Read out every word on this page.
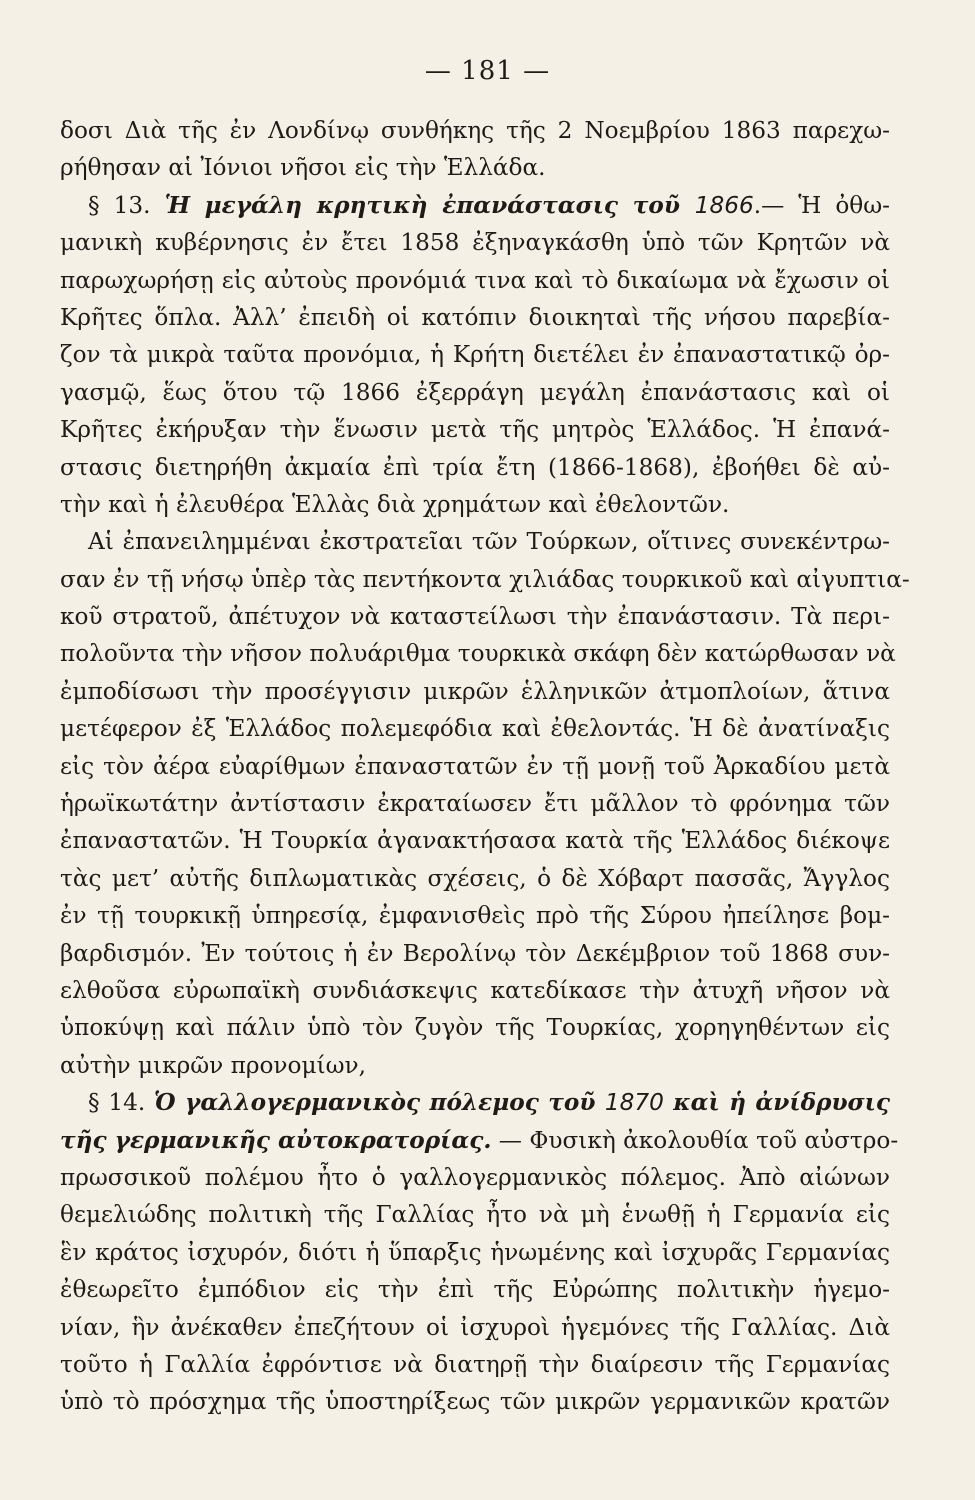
— 181 —
δοσι Διὰ τῆς ἐν Λονδίνῳ συνθήκης τῆς 2 Νοεμβρίου 1863 παρεχω-
ρήθησαν αἱ Ἰόνιοι νῆσοι εἰς τὴν Ἑλλάδα.
§ 13. Ἡ μεγάλη κρητικὴ ἐπανάστασις τοῦ 1866.— Ἡ ὀθω-
μανικὴ κυβέρνησις ἐν ἔτει 1858 ἐξηναγκάσθη ὑπὸ τῶν Κρητῶν νὰ
παρωχωρήσῃ εἰς αὐτοὺς προνόμιά τινα καὶ τὸ δικαίωμα νὰ ἔχωσιν οἱ
Κρῆτες ὅπλα. Ἀλλ’ ἐπειδὴ οἱ κατόπιν διοικηταὶ τῆς νήσου παρεβία-
ζον τὰ μικρὰ ταῦτα προνόμια, ἡ Κρήτη διετέλει ἐν ἐπαναστατικῷ ὀρ-
γασμῷ, ἕως ὅτου τῷ 1866 ἐξερράγη μεγάλη ἐπανάστασις καὶ οἱ
Κρῆτες ἐκήρυξαν τὴν ἕνωσιν μετὰ τῆς μητρὸς Ἑλλάδος. Ἡ ἐπανά-
στασις διετηρήθη ἀκμαία ἐπὶ τρία ἔτη (1866-1868), ἐβοήθει δὲ αὐ-
τὴν καὶ ἡ ἐλευθέρα Ἑλλὰς διὰ χρημάτων καὶ ἐθελοντῶν.
Αἱ ἐπανειλημμέναι ἐκστρατεῖαι τῶν Τούρκων, οἵτινες συνεκέντρω-
σαν ἐν τῇ νήσῳ ὑπὲρ τὰς πεντήκοντα χιλιάδας τουρκικοῦ καὶ αἰγυπτια-
κοῦ στρατοῦ, ἀπέτυχον νὰ καταστείλωσι τὴν ἐπανάστασιν. Τὰ περι-
πολοῦντα τὴν νῆσον πολυάριθμα τουρκικὰ σκάφη δὲν κατώρθωσαν νὰ
ἐμποδίσωσι τὴν προσέγγισιν μικρῶν ἑλληνικῶν ἀτμοπλοίων, ἅτινα
μετέφερον ἐξ Ἑλλάδος πολεμεφόδια καὶ ἐθελοντάς. Ἡ δὲ ἀνατίναξις
εἰς τὸν ἀέρα εὐαρίθμων ἐπαναστατῶν ἐν τῇ μονῇ τοῦ Ἀρκαδίου μετὰ
ἡρωϊκωτάτην ἀντίστασιν ἐκραταίωσεν ἔτι μᾶλλον τὸ φρόνημα τῶν
ἐπαναστατῶν. Ἡ Τουρκία ἀγανακτήσασα κατὰ τῆς Ἑλλάδος διέκοψε
τὰς μετ’ αὐτῆς διπλωματικὰς σχέσεις, ὁ δὲ Χόβαρτ πασσᾶς, Ἄγγλος
ἐν τῇ τουρκικῇ ὑπηρεσίᾳ, ἐμφανισθεὶς πρὸ τῆς Σύρου ἠπείλησε βομ-
βαρδισμόν. Ἐν τούτοις ἡ ἐν Βερολίνῳ τὸν Δεκέμβριον τοῦ 1868 συν-
ελθοῦσα εὐρωπαϊκὴ συνδιάσκεψις κατεδίκασε τὴν ἀτυχῆ νῆσον νὰ
ὑποκύψῃ καὶ πάλιν ὑπὸ τὸν ζυγὸν τῆς Τουρκίας, χορηγηθέντων εἰς
αὐτὴν μικρῶν προνομίων,
§ 14. Ὁ γαλλογερμανικὸς πόλεμος τοῦ 1870 καὶ ἡ ἀνίδρυσις
τῆς γερμανικῆς αὐτοκρατορίας. — Φυσικὴ ἀκολουθία τοῦ αὐστρο-
πρωσσικοῦ πολέμου ἦτο ὁ γαλλογερμανικὸς πόλεμος. Ἀπὸ αἰώνων
θεμελιώδης πολιτικὴ τῆς Γαλλίας ἦτο νὰ μὴ ἑνωθῇ ἡ Γερμανία εἰς
ἓν κράτος ἰσχυρόν, διότι ἡ ὕπαρξις ἡνωμένης καὶ ἰσχυρᾶς Γερμανίας
ἐθεωρεῖτο ἐμπόδιον εἰς τὴν ἐπὶ τῆς Εὐρώπης πολιτικὴν ἡγεμο-
νίαν, ἣν ἀνέκαθεν ἐπεζήτουν οἱ ἰσχυροὶ ἡγεμόνες τῆς Γαλλίας. Διὰ
τοῦτο ἡ Γαλλία ἐφρόντισε νὰ διατηρῇ τὴν διαίρεσιν τῆς Γερμανίας
ὑπὸ τὸ πρόσχημα τῆς ὑποστηρίξεως τῶν μικρῶν γερμανικῶν κρατῶν
